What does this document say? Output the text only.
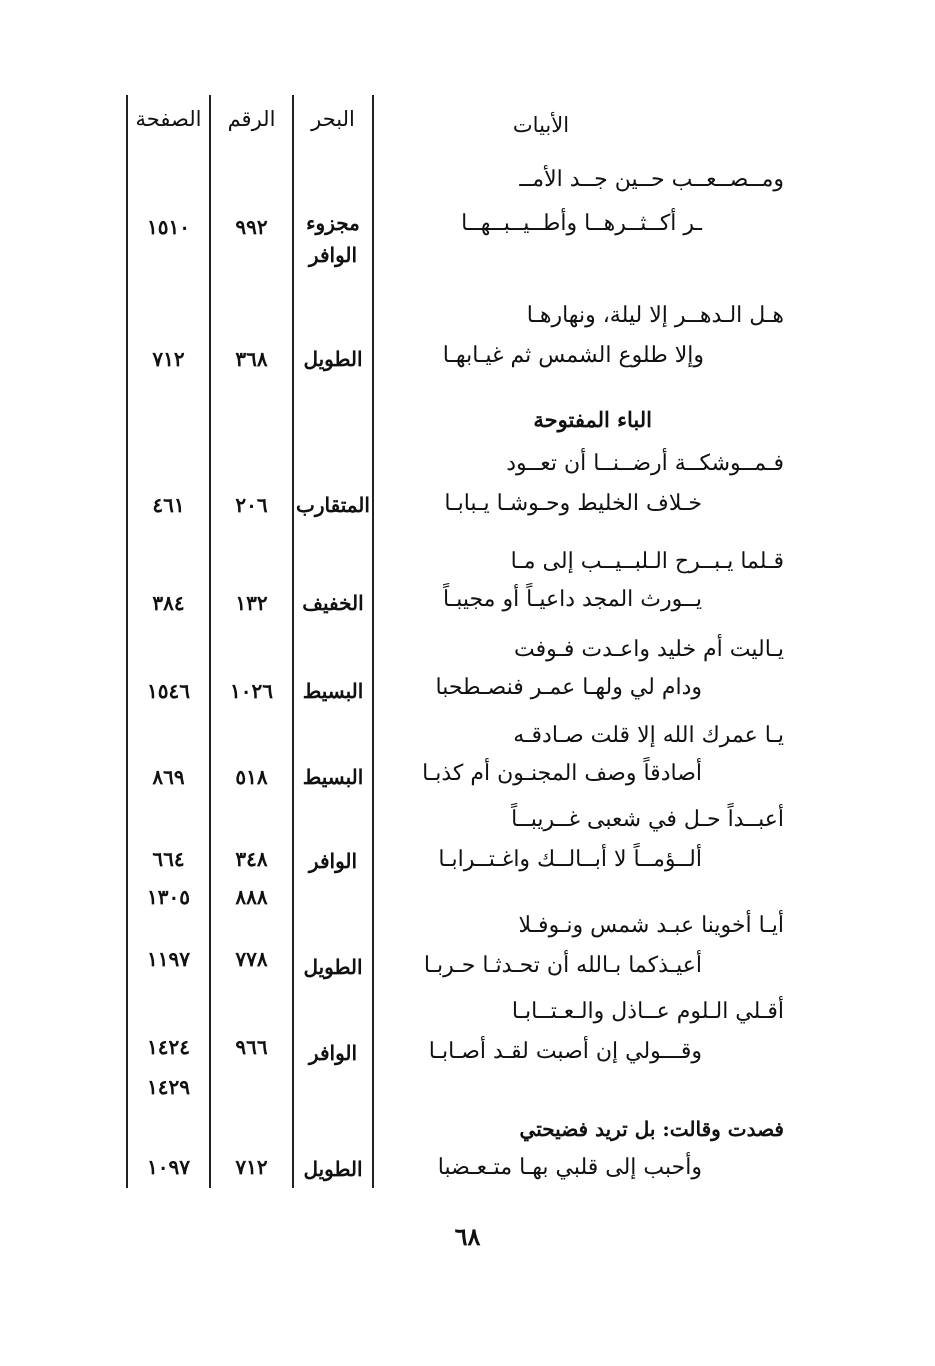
الأبيات
البحر
الرقم
الصفحة
ومــصــعــب حــين جــد الأمــ
ـر أكــثــرهــا وأطــيــبــهــا
مجزوء الوافر
٩٩٢
١٥١٠
هـل الـدهــر إلا ليلة، ونهارهـا
وإلا طلوع الشمس ثم غيـابهـا
الطويل
٣٦٨
٧١٢
الباء المفتوحة
فـمــوشكــة أرضــنــا أن تعــود
خـلاف الخليط وحـوشـا يـبابـا
المتقارب
٢٠٦
٤٦١
قـلما يـبــرح الـلبــيــب إلى مـا
يــورث المجد داعيـاً أو مجيبـاً
الخفيف
١٣٢
٣٨٤
يـاليت أم خليد واعـدت فـوفت
ودام لي ولهـا عمـر فنصـطحبا
البسيط
١٠٢٦
١٥٤٦
يـا عمرك الله إلا قلت صـادقـه
أصادقاً وصف المجنـون أم كذبـا
البسيط
٥١٨
٨٦٩
أعبــداً حـل في شعبى غــريبــاً
ألــؤمــاً لا أبــالــك واغـتــرابـا
الوافر
٣٤٨
٨٨٨
٦٦٤
١٣٠٥
أيـا أخوينا عبـد شمس ونـوفـلا
أعيـذكما بـالله أن تحـدثـا حـربـا
الطويل
٧٧٨
١١٩٧
أقـلي الـلوم عــاذل والـعـتــابـا
وقـــولي إن أصبت لقـد أصـابـا
الوافر
٩٦٦
١٤٢٤
١٤٢٩
فصدت وقالت: بل تريد فضيحتي
وأحبب إلى قلبي بهـا متـعـضبا
الطويل
٧١٢
١٠٩٧
٦٨
